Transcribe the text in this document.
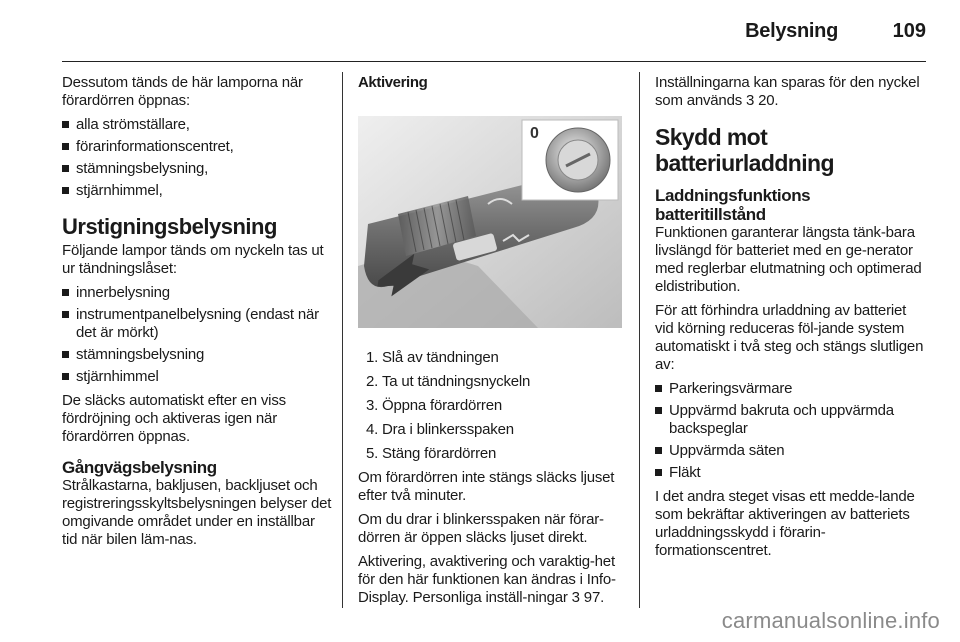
Belysning	109

Dessutom tänds de här lamporna när förardörren öppnas:

alla strömställare,
förarinformationscentret,
stämningsbelysning,
stjärnhimmel,
Urstigningsbelysning

Följande lampor tänds om nyckeln tas ut ur tändningslåset:

innerbelysning
instrumentpanelbelysning (endast när det är mörkt)
stämningsbelysning
stjärnhimmel

De släcks automatiskt efter en viss fördröjning och aktiveras igen när förardörren öppnas.

Gångvägsbelysning

Strålkastarna, bakljusen, backljuset och registreringsskyltsbelysningen belyser det omgivande området under en inställbar tid när bilen läm-nas.

Aktivering
0
1. Slå av tändningen
2. Ta ut tändningsnyckeln
3. Öppna förardörren
4. Dra i blinkersspaken
5. Stäng förardörren

Om förardörren inte stängs släcks ljuset efter två minuter.

Om du drar i blinkersspaken när förar-dörren är öppen släcks ljuset direkt.

Aktivering, avaktivering och varaktig-het för den här funktionen kan ändras i Info-Display. Personliga inställ-ningar 3 97.

Inställningarna kan sparas för den nyckel som används 3 20.

Skydd mot batteriurladdning
Laddningsfunktions batteritillstånd

Funktionen garanterar längsta tänk-bara livslängd för batteriet med en ge-nerator med reglerbar elutmatning och optimerad eldistribution.

För att förhindra urladdning av batteriet vid körning reduceras föl-jande system automatiskt i två steg och stängs slutligen av:

Parkeringsvärmare
Uppvärmd bakruta och uppvärmda backspeglar
Uppvärmda säten
Fläkt

I det andra steget visas ett medde-lande som bekräftar aktiveringen av batteriets urladdningsskydd i förarin-formationscentret.

carmanualsonline.info
